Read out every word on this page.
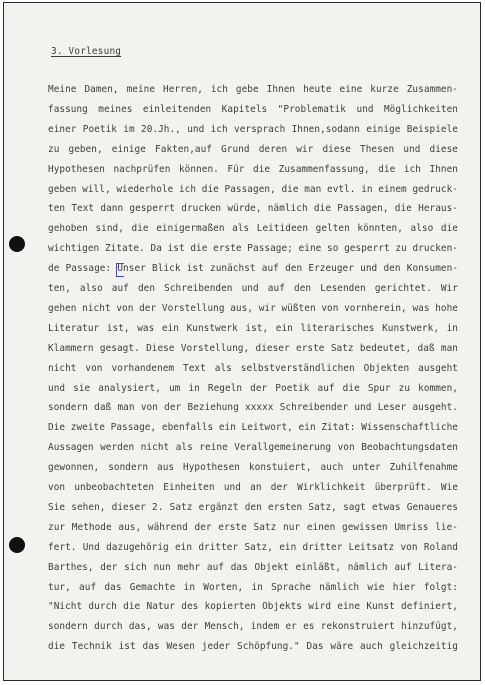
3. Vorlesung
Meine Damen, meine Herren, ich gebe Ihnen heute eine kurze Zusammen-
fassung meines einleitenden Kapitels "Problematik und Möglichkeiten
einer Poetik im 20.Jh., und ich versprach Ihnen,sodann einige Beispiele
zu geben, einige Fakten,auf Grund deren wir diese Thesen und diese
Hypothesen nachprüfen können. Für die Zusammenfassung, die ich Ihnen
geben will, wiederhole ich die Passagen, die man evtl. in einem gedruck-
ten Text dann gesperrt drucken würde, nämlich die Passagen, die Heraus-
gehoben sind, die einigermaßen als Leitideen gelten könnten, also die
wichtigen Zitate. Da ist die erste Passage; eine so gesperrt zu drucken-
de Passage: Unser Blick ist zunächst auf den Erzeuger und den Konsumen-
ten, also auf den Schreibenden und auf den Lesenden gerichtet. Wir
gehen nicht von der Vorstellung aus, wir wüßten von vornherein, was hohe
Literatur ist, was ein Kunstwerk ist, ein literarisches Kunstwerk, in
Klammern gesagt. Diese Vorstellung, dieser erste Satz bedeutet, daß man
nicht von vorhandenem Text als selbstverständlichen Objekten ausgeht
und sie analysiert, um in Regeln der Poetik auf die Spur zu kommen,
sondern daß man von der Beziehung xxxxx Schreibender und Leser ausgeht.
Die zweite Passage, ebenfalls ein Leitwort, ein Zitat: Wissenschaftliche
Aussagen werden nicht als reine Verallgemeinerung von Beobachtungsdaten
gewonnen, sondern aus Hypothesen konstuiert, auch unter Zuhilfenahme
von unbeobachteten Einheiten und an der Wirklichkeit überprüft. Wie
Sie sehen, dieser 2. Satz ergänzt den ersten Satz, sagt etwas Genaueres
zur Methode aus, während der erste Satz nur einen gewissen Umriss lie-
fert. Und dazugehörig ein dritter Satz, ein dritter Leitsatz von Roland
Barthes, der sich nun mehr auf das Objekt einläßt, nämlich auf Litera-
tur, auf das Gemachte in Worten, in Sprache nämlich wie hier folgt:
"Nicht durch die Natur des kopierten Objekts wird eine Kunst definiert,
sondern durch das, was der Mensch, indem er es rekonstruiert hinzufügt,
die Technik ist das Wesen jeder Schöpfung." Das wäre auch gleichzeitig
